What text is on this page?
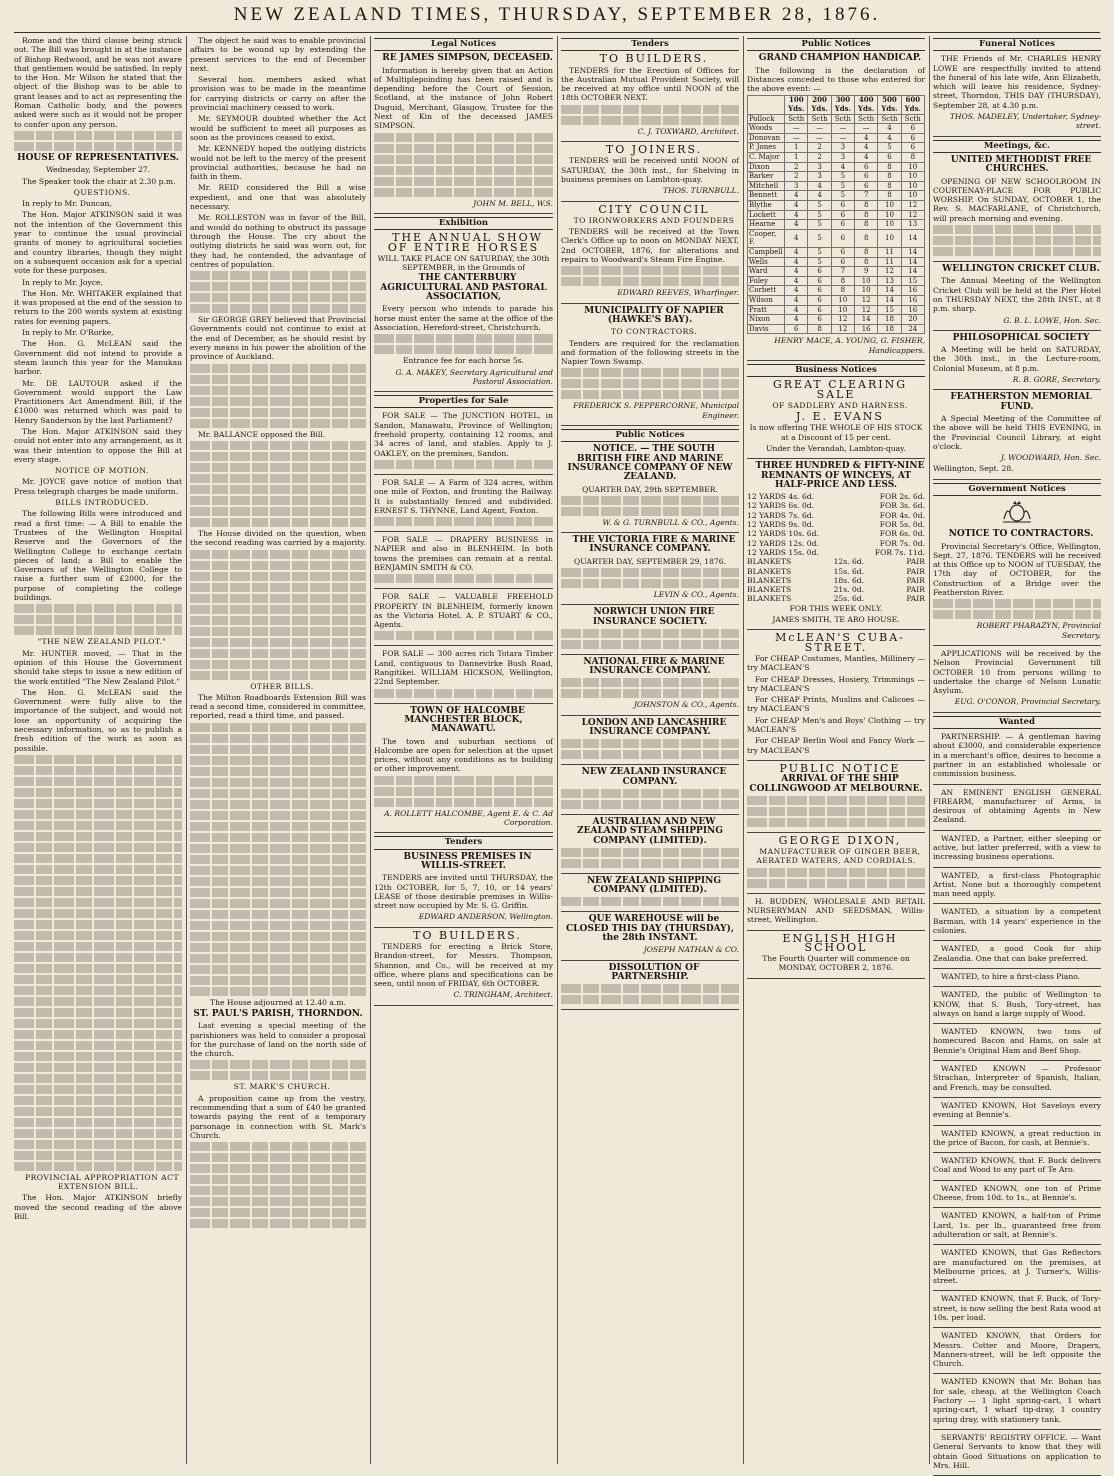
NEW ZEALAND TIMES, THURSDAY, SEPTEMBER 28, 1876.

Rome and the third clause being struck out. The Bill was brought in at the instance of Bishop Redwood, and he was not aware that gentlemen would be satisfied. In reply to the Hon. Mr Wilson he stated that the object of the Bishop was to be able to grant leases and to act as representing the Roman Catholic body, and the powers asked were such as it would not be proper to confer upon any person.

HOUSE OF REPRESENTATIVES.

Wednesday, September 27.

The Speaker took the chair at 2.30 p.m.

QUESTIONS.

In reply to Mr. Duncan,

The Hon. Major ATKINSON said it was not the intention of the Government this year to continue the usual provincial grants of money to agricultural societies and country libraries, though they might on a subsequent occasion ask for a special vote for these purposes.

In reply to Mr. Joyce,

The Hon. Mr. WHITAKER explained that it was proposed at the end of the session to return to the 200 words system at existing rates for evening papers.

In reply to Mr. O'Rorke,

The Hon. G. McLEAN said the Government did not intend to provide a steam launch this year for the Manukau harbor.

Mr. DE LAUTOUR asked if the Government would support the Law Practitioners Act Amendment Bill, if the £1000 was returned which was paid to Henry Sanderson by the last Parliament?

The Hon. Major ATKINSON said they could not enter into any arrangement, as it was their intention to oppose the Bill at every stage.

NOTICE OF MOTION.

Mr. JOYCE gave notice of motion that Press telegraph charges be made uniform.

BILLS INTRODUCED.

The following Bills were introduced and read a first time: — A Bill to enable the Trustees of the Wellington Hospital Reserve and the Governors of the Wellington College to exchange certain pieces of land; a Bill to enable the Governors of the Wellington College to raise a further sum of £2000, for the purpose of completing the college buildings.

"THE NEW ZEALAND PILOT."

Mr. HUNTER moved, — That in the opinion of this House the Government should take steps to issue a new edition of the work entitled "The New Zealand Pilot."

The Hon. G. McLEAN said the Government were fully alive to the importance of the subject, and would not lose an opportunity of acquiring the necessary information, so as to publish a fresh edition of the work as soon as possible.

PROVINCIAL APPROPRIATION ACT EXTENSION BILL.

The Hon. Major ATKINSON briefly moved the second reading of the above Bill.

The object he said was to enable provincial affairs to be wound up by extending the present services to the end of December next.

Several hon. members asked what provision was to be made in the meantime for carrying districts or carry on after the provincial machinery ceased to work.

Mr. SEYMOUR doubted whether the Act would be sufficient to meet all purposes as soon as the provinces ceased to exist.

Mr. KENNEDY hoped the outlying districts would not be left to the mercy of the present provincial authorities, because he had no faith in them.

Mr. REID considered the Bill a wise expedient, and one that was absolutely necessary.

Mr. ROLLESTON was in favor of the Bill, and would do nothing to obstruct its passage through the House. The cry about the outlying districts he said was worn out, for they had, he contended, the advantage of centres of population.

Sir GEORGE GREY believed that Provincial Governments could not continue to exist at the end of December, as he should resist by every means in his power the abolition of the province of Auckland.

Mr. BALLANCE opposed the Bill.

The House divided on the question, when the second reading was carried by a majority.

OTHER BILLS.

The Milton Roadboards Extension Bill was read a second time, considered in committee, reported, read a third time, and passed.

The House adjourned at 12.40 a.m.

ST. PAUL'S PARISH, THORNDON.

Last evening a special meeting of the parishioners was held to consider a proposal for the purchase of land on the north side of the church.

ST. MARK'S CHURCH.

A proposition came up from the vestry, recommending that a sum of £40 be granted towards paying the rent of a temporary parsonage in connection with St. Mark's Church.

Legal Notices

RE JAMES SIMPSON, DECEASED.

Information is hereby given that an Action of Multiplepoinding has been raised and is depending before the Court of Session, Scotland, at the instance of John Robert Duguid, Merchant, Glasgow, Trustee for the Next of Kin of the deceased JAMES SIMPSON.

JOHN M. BELL, W.S.

Exhibition

THE ANNUAL SHOW OF ENTIRE HORSES

WILL TAKE PLACE ON SATURDAY, the 30th SEPTEMBER, in the Grounds of

THE CANTERBURY AGRICULTURAL AND PASTORAL ASSOCIATION,

Every person who intends to parade his horse must enter the same at the office of the Association, Hereford-street, Christchurch.

Entrance fee for each horse 5s.

G. A. MAKEY, Secretary Agricultural and Pastoral Association.

Properties for Sale

FOR SALE — The JUNCTION HOTEL, in Sandon, Manawatu, Province of Wellington; freehold property, containing 12 rooms, and 34 acres of land, and stables. Apply to J. OAKLEY, on the premises, Sandon.

FOR SALE — A Farm of 324 acres, within one mile of Foxton, and fronting the Railway. It is substantially fenced and subdivided. ERNEST S. THYNNE, Land Agent, Foxton.

FOR SALE — DRAPERY BUSINESS in NAPIER and also in BLENHEIM. In both towns the premises can remain at a rental. BENJAMIN SMITH & CO.

FOR SALE — VALUABLE FREEHOLD PROPERTY IN BLENHEIM, formerly known as the Victoria Hotel. A. P. STUART & CO., Agents.

FOR SALE — 300 acres rich Totara Timber Land, contiguous to Dannevirke Bush Road, Rangitikei. WILLIAM HICKSON, Wellington, 22nd September.

TOWN OF HALCOMBE MANCHESTER BLOCK, MANAWATU.

The town and suburban sections of Halcombe are open for selection at the upset prices, without any conditions as to building or other improvement.

A. ROLLETT HALCOMBE, Agent E. & C. Ad Corporation.

Tenders

BUSINESS PREMISES IN WILLIS-STREET.

TENDERS are invited until THURSDAY, the 12th OCTOBER, for 5, 7, 10, or 14 years' LEASE of those desirable premises in Willis-street now occupied by Mr. S. G. Griffin.

EDWARD ANDERSON, Wellington.

TO BUILDERS.

TENDERS for erecting a Brick Store, Brandon-street, for Messrs. Thompson, Shannon, and Co., will be received at my office, where plans and specifications can be seen, until noon of FRIDAY, 6th OCTOBER.

C. TRINGHAM, Architect.

Tenders

TO BUILDERS.

TENDERS for the Erection of Offices for the Australian Mutual Provident Society, will be received at my office until NOON of the 18th OCTOBER NEXT.

C. J. TOXWARD, Architect.

TO JOINERS.

TENDERS will be received until NOON of SATURDAY, the 30th inst., for Shelving in business premises on Lambton-quay.

THOS. TURNBULL.

CITY COUNCIL

TO IRONWORKERS AND FOUNDERS

TENDERS will be received at the Town Clerk's Office up to noon on MONDAY NEXT, 2nd OCTOBER, 1876, for alterations and repairs to Woodward's Steam Fire Engine.

EDWARD REEVES, Wharfinger.

MUNICIPALITY OF NAPIER (HAWKE'S BAY).

TO CONTRACTORS.

Tenders are required for the reclamation and formation of the following streets in the Napier Town Swamp.

FREDERICK S. PEPPERCORNE, Municipal Engineer.

Public Notices

NOTICE. — THE SOUTH BRITISH FIRE AND MARINE INSURANCE COMPANY OF NEW ZEALAND.

QUARTER DAY, 29th SEPTEMBER.

W. & G. TURNBULL & CO., Agents.

THE VICTORIA FIRE & MARINE INSURANCE COMPANY.

QUARTER DAY, SEPTEMBER 29, 1876.

LEVIN & CO., Agents.

NORWICH UNION FIRE INSURANCE SOCIETY.

NATIONAL FIRE & MARINE INSURANCE COMPANY.

JOHNSTON & CO., Agents.

LONDON AND LANCASHIRE INSURANCE COMPANY.

NEW ZEALAND INSURANCE COMPANY.

AUSTRALIAN AND NEW ZEALAND STEAM SHIPPING COMPANY (LIMITED).

NEW ZEALAND SHIPPING COMPANY (LIMITED).

QUE WAREHOUSE will be CLOSED THIS DAY (THURSDAY), the 28th INSTANT.

JOSEPH NATHAN & CO.

DISSOLUTION OF PARTNERSHIP.

Public Notices

GRAND CHAMPION HANDICAP.

The following is the declaration of Distances conceded to those who entered for the above event: —

	100 Yds.	200 Yds.	300 Yds.	400 Yds.	500 Yds.	600 Yds.
Pollock	Scth	Scth	Scth	Scth	Scth	Scth
Woods	—	—	—	—	4	6
Donovan	—	—	—	4	4	6
P. Jones	1	2	3	4	5	6
C. Major	1	2	3	4	6	8
Dixon	2	3	4	6	8	10
Barker	2	3	5	6	8	10
Mitchell	3	4	5	6	8	10
Bennett	4	4	5	7	8	10
Blythe	4	5	6	8	10	12
Lockett	4	5	6	8	10	12
Hearne	4	5	6	8	10	13
Cooper, F.	4	5	6	8	10	14
Campbell	4	5	6	8	11	14
Wells	4	5	6	8	11	14
Ward	4	6	7	9	12	14
Foley	4	6	8	10	13	15
Corbett	4	6	8	10	14	16
Wilson	4	6	10	12	14	16
Pratt	4	6	10	12	15	16
Nixon	4	6	12	14	18	20
Davis	6	8	12	16	18	24

HENRY MACE, A. YOUNG, G. FISHER, Handicappers.

Business Notices

GREAT CLEARING SALE

OF SADDLERY AND HARNESS.

J. E. EVANS

Is now offering THE WHOLE OF HIS STOCK at a Discount of 15 per cent.

Under the Verandah, Lambton-quay.

THREE HUNDRED & FIFTY-NINE REMNANTS OF WINCEYS, AT HALF-PRICE AND LESS.

12 YARDS 4s. 6d.	FOR 2s. 6d.
12 YARDS 6s. 0d.	FOR 3s. 6d.
12 YARDS 7s. 6d.	FOR 4s. 0d.
12 YARDS 9s. 0d.	FOR 5s. 0d.
12 YARDS 10s. 6d.	FOR 6s. 0d.
12 YARDS 12s. 0d.	FOR 7s. 0d.
12 YARDS 15s. 0d.	FOR 7s. 11d.
BLANKETS	12s. 6d.	PAIR
BLANKETS	15s. 6d.	PAIR
BLANKETS	18s. 6d.	PAIR
BLANKETS	21s. 0d.	PAIR
BLANKETS	25s. 6d.	PAIR

FOR THIS WEEK ONLY.

JAMES SMITH, TE ARO HOUSE.

McLEAN'S CUBA-STREET.

For CHEAP Costumes, Mantles, Millinery — try MACLEAN'S

For CHEAP Dresses, Hosiery, Trimmings — try MACLEAN'S

For CHEAP Prints, Muslins and Calicoes — try MACLEAN'S

For CHEAP Men's and Boys' Clothing — try MACLEAN'S

For CHEAP Berlin Wool and Fancy Work — try MACLEAN'S

PUBLIC NOTICE

ARRIVAL OF THE SHIP COLLINGWOOD AT MELBOURNE.

GEORGE DIXON,

MANUFACTURER OF GINGER BEER, AERATED WATERS, AND CORDIALS.

H. BUDDEN, WHOLESALE AND RETAIL NURSERYMAN AND SEEDSMAN, Willis-street, Wellington.

ENGLISH HIGH SCHOOL

The Fourth Quarter will commence on MONDAY, OCTOBER 2, 1876.

Funeral Notices

THE Friends of Mr. CHARLES HENRY LOWE are respectfully invited to attend the funeral of his late wife, Ann Elizabeth, which will leave his residence, Sydney-street, Thorndon, THIS DAY (THURSDAY), September 28, at 4.30 p.m.

THOS. MADELEY, Undertaker, Sydney-street.

Meetings, &c.

UNITED METHODIST FREE CHURCHES.

OPENING OF NEW SCHOOLROOM IN COURTENAY-PLACE FOR PUBLIC WORSHIP. On SUNDAY, OCTOBER 1, the Rev. S. MACFARLANE, of Christchurch, will preach morning and evening.

WELLINGTON CRICKET CLUB.

The Annual Meeting of the Wellington Cricket Club will be held at the Pier Hotel on THURSDAY NEXT, the 28th INST., at 8 p.m. sharp.

G. B. L. LOWE, Hon. Sec.

PHILOSOPHICAL SOCIETY

A Meeting will be held on SATURDAY, the 30th inst., in the Lecture-room, Colonial Museum, at 8 p.m.

R. B. GORE, Secretary.

FEATHERSTON MEMORIAL FUND.

A Special Meeting of the Committee of the above will be held THIS EVENING, in the Provincial Council Library, at eight o'clock.

J. WOODWARD, Hon. Sec.

Wellington, Sept. 28.

Government Notices

NOTICE TO CONTRACTORS.

Provincial Secretary's Office, Wellington, Sept. 27, 1876. TENDERS will be received at this Office up to NOON of TUESDAY, the 17th day of OCTOBER, for the Construction of a Bridge over the Featherston River.

ROBERT PHARAZYN, Provincial Secretary.

APPLICATIONS will be received by the Nelson Provincial Government till OCTOBER 10 from persons willing to undertake the charge of Nelson Lunatic Asylum.

EUG. O'CONOR, Provincial Secretary.

Wanted

PARTNERSHIP. — A gentleman having about £3000, and considerable experience in a merchant's office, desires to become a partner in an established wholesale or commission business.

AN EMINENT ENGLISH GENERAL FIREARM, manufacturer of Arms, is desirous of obtaining Agents in New Zealand.

WANTED, a Partner, either sleeping or active, but latter preferred, with a view to increasing business operations.

WANTED, a first-class Photographic Artist. None but a thoroughly competent man need apply.

WANTED, a situation by a competent Barman, with 14 years' experience in the colonies.

WANTED, a good Cook for ship Zealandia. One that can bake preferred.

WANTED, to hire a first-class Piano.

WANTED, the public of Wellington to KNOW, that S. Bush, Tory-street, has always on hand a large supply of Wood.

WANTED KNOWN, two tons of homecured Bacon and Hams, on sale at Bennie's Original Ham and Beef Shop.

WANTED KNOWN — Professor Strachan, Interpreter of Spanish, Italian, and French, may be consulted.

WANTED KNOWN, Hot Saveloys every evening at Bennie's.

WANTED KNOWN, a great reduction in the price of Bacon, for cash, at Bennie's.

WANTED KNOWN, that F. Buck delivers Coal and Wood to any part of Te Aro.

WANTED KNOWN, one ton of Prime Cheese, from 10d. to 1s., at Bennie's.

WANTED KNOWN, a half-ton of Prime Lard, 1s. per lb., guaranteed free from adulteration or salt, at Bennie's.

WANTED KNOWN, that Gas Reflectors are manufactured on the premises, at Melbourne prices, at J. Turner's, Willis-street.

WANTED KNOWN, that F. Buck, of Tory-street, is now selling the best Rata wood at 10s. per load.

WANTED KNOWN, that Orders for Messrs. Cotter and Moore, Drapers, Manners-street, will be left opposite the Church.

WANTED KNOWN that Mr. Bohan has for sale, cheap, at the Wellington Coach Factory — 1 light spring-cart, 1 whart spring-cart, 1 wharf tip-dray, 1 country spring dray, with stationery tank.

SERVANTS' REGISTRY OFFICE. — Want General Servants to know that they will obtain Good Situations on application to Mrs. Hill.
